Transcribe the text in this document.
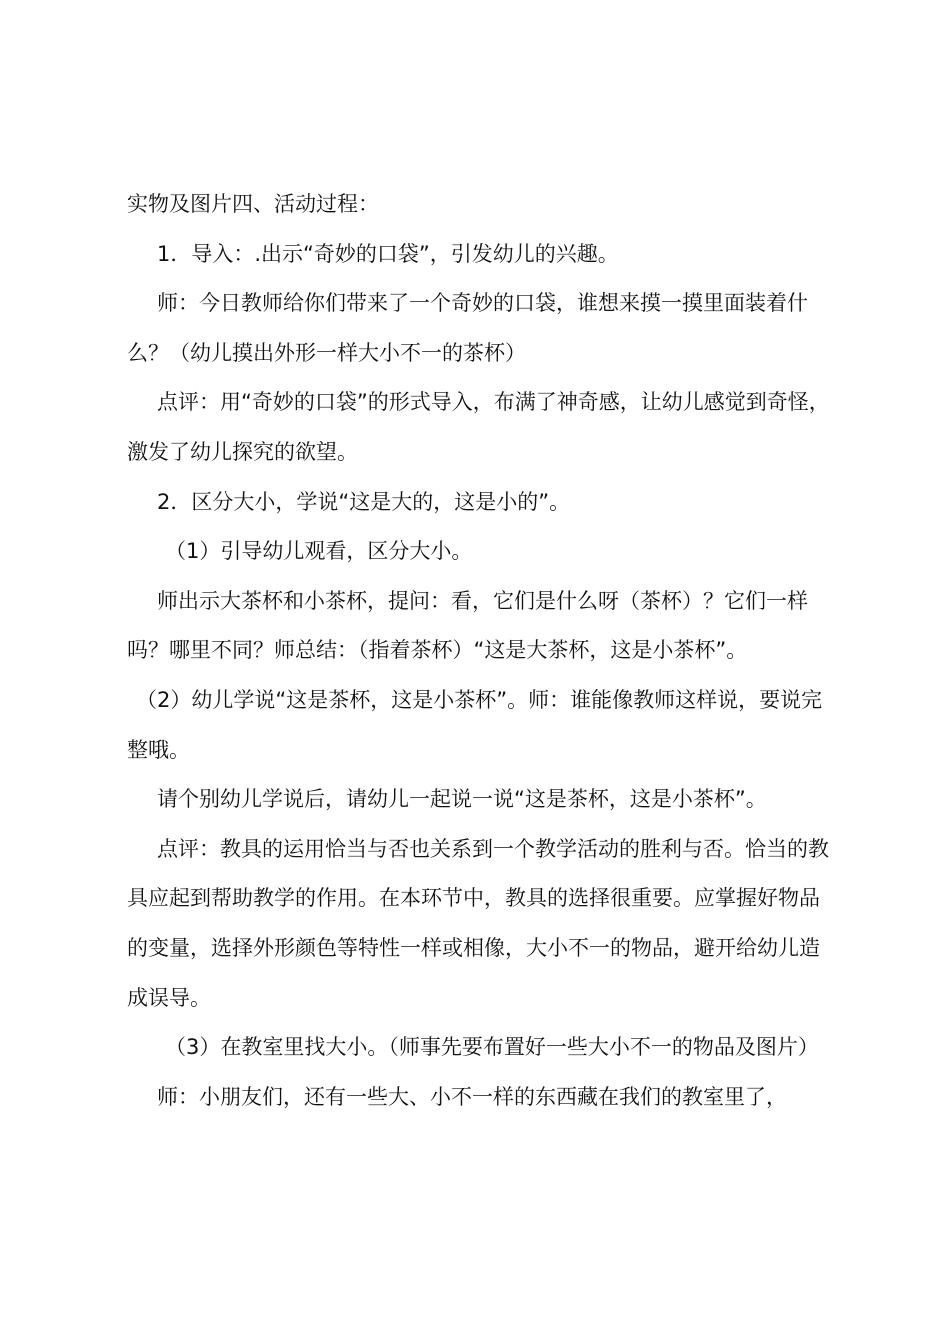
实物及图片四、活动过程：

1．导入：.出示“奇妙的口袋”，引发幼儿的兴趣。

师：今日教师给你们带来了一个奇妙的口袋，谁想来摸一摸里面装着什么？（幼儿摸出外形一样大小不一的茶杯）

点评：用“奇妙的口袋”的形式导入，布满了神奇感，让幼儿感觉到奇怪，激发了幼儿探究的欲望。

2．区分大小，学说“这是大的，这是小的”。

（1）引导幼儿观看，区分大小。

师出示大茶杯和小茶杯，提问：看，它们是什么呀（茶杯）？它们一样吗？哪里不同？师总结：（指着茶杯）“这是大茶杯，这是小茶杯”。

（2）幼儿学说“这是茶杯，这是小茶杯”。师：谁能像教师这样说，要说完整哦。

请个别幼儿学说后，请幼儿一起说一说“这是茶杯，这是小茶杯”。

点评：教具的运用恰当与否也关系到一个教学活动的胜利与否。恰当的教具应起到帮助教学的作用。在本环节中，教具的选择很重要。应掌握好物品的变量，选择外形颜色等特性一样或相像，大小不一的物品，避开给幼儿造成误导。

（3）在教室里找大小。（师事先要布置好一些大小不一的物品及图片）

师：小朋友们，还有一些大、小不一样的东西藏在我们的教室里了，
